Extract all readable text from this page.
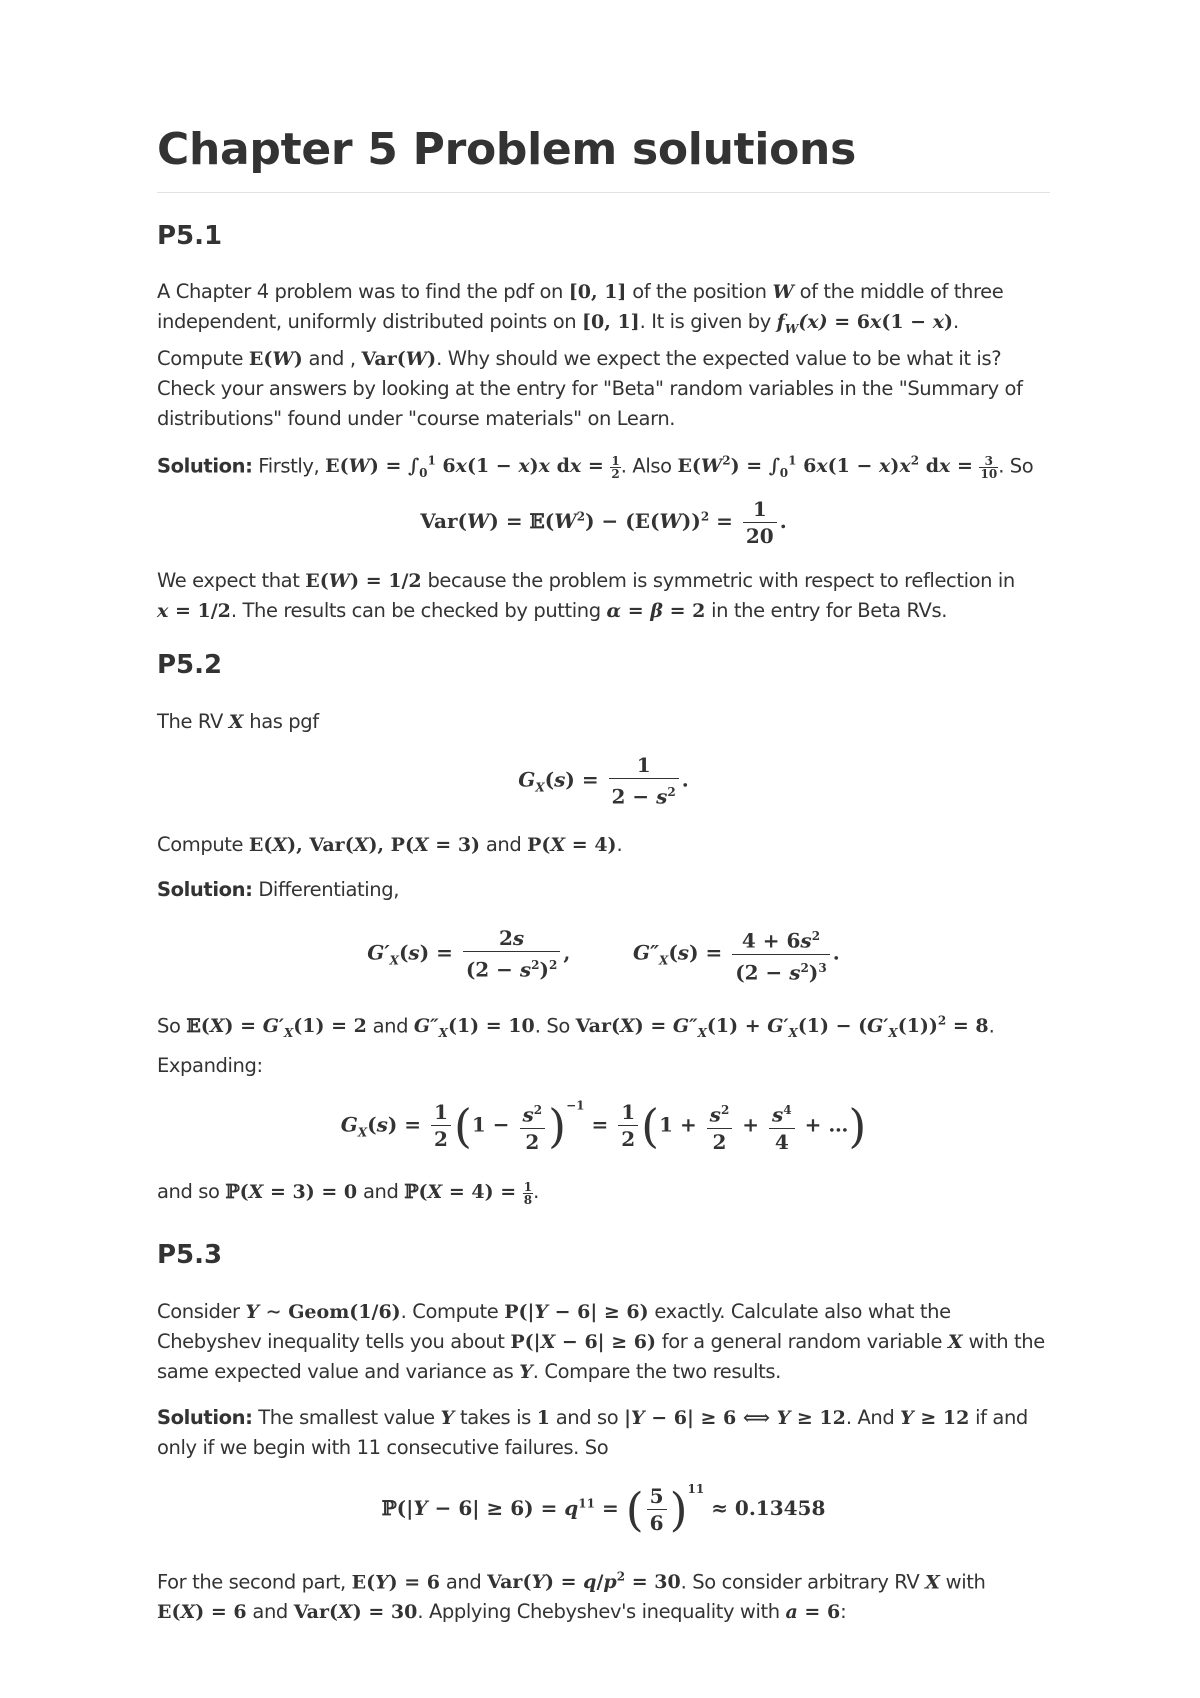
Chapter 5 Problem solutions
P5.1

A Chapter 4 problem was to find the pdf on [0, 1] of the position W of the middle of three independent, uniformly distributed points on [0, 1]. It is given by $f_W(x) = 6x(1 - x)$. Compute E(W) and , Var(W). Why should we expect the expected value to be what it is? Check your answers by looking at the entry for "Beta" random variables in the "Summary of distributions" found under "course materials" on Learn.

Solution: Firstly, $E(W) = \int_0^1$ 6x(1 − x)x dx = $\frac{1}{2}$ . Also $E(W^2) = \int_0^1$ $6x(1 - x)x^2$ dx = $\frac{3}{10}$ . So

$Var(W) = 𝔼(W^2) - (E(W))^2 = \frac{1}{20}$ .

We expect that E(W) = 1/2 because the problem is symmetric with respect to reflection in x = 1/2. The results can be checked by putting α = β = 2 in the entry for Beta RVs.

P5.2

The RV X has pgf

$G_X(s) = \frac{1}{2 - s^2}$ .

Compute E(X), Var(X), P(X = 3) and P(X = 4).

Solution: Differentiating,

$G'_X(s) = \frac{2s}{(2 - s^2)^2}$ ,         $G''_X(s) = \frac{4 + 6s^2}{(2 - s^2)^3}$ .

So 𝔼(X) = $G'_X(1) = 2$ and $G''_X(1) = 10$. So $Var(X) = G''_X(1) + G'_X(1) - (G'_X(1))^2 = 8$.

Expanding:

$G_X(s) = \frac{1}{2} (1 - \frac{s^2}{2} )^{-1} = \frac{1}{2} (1 + \frac{s^2}{2} + \frac{s^4}{4}$ + …)

and so ℙ(X = 3) = 0 and ℙ(X = $4) = \frac{1}{8}$ .

P5.3

Consider Y ∼ Geom(1/6). Compute P(|Y − 6| ≥ 6) exactly. Calculate also what the Chebyshev inequality tells you about P(|X − 6| ≥ 6) for a general random variable X with the same expected value and variance as Y. Compare the two results.

Solution: The smallest value Y takes is 1 and so |Y − 6| ≥ 6 ⟺ Y ≥ 12. And Y ≥ 12 if and only if we begin with 11 consecutive failures. So

ℙ(|Y − $6| \ge 6) = q^{11}$ = ( $\frac{5}{6} )^{11} \approx 0.13458$

For the second part, E(Y) = 6 and $Var(Y) = q/p^2 = 30$. So consider arbitrary RV X with E(X) = 6 and Var(X) = 30. Applying Chebyshev's inequality with a = 6:
